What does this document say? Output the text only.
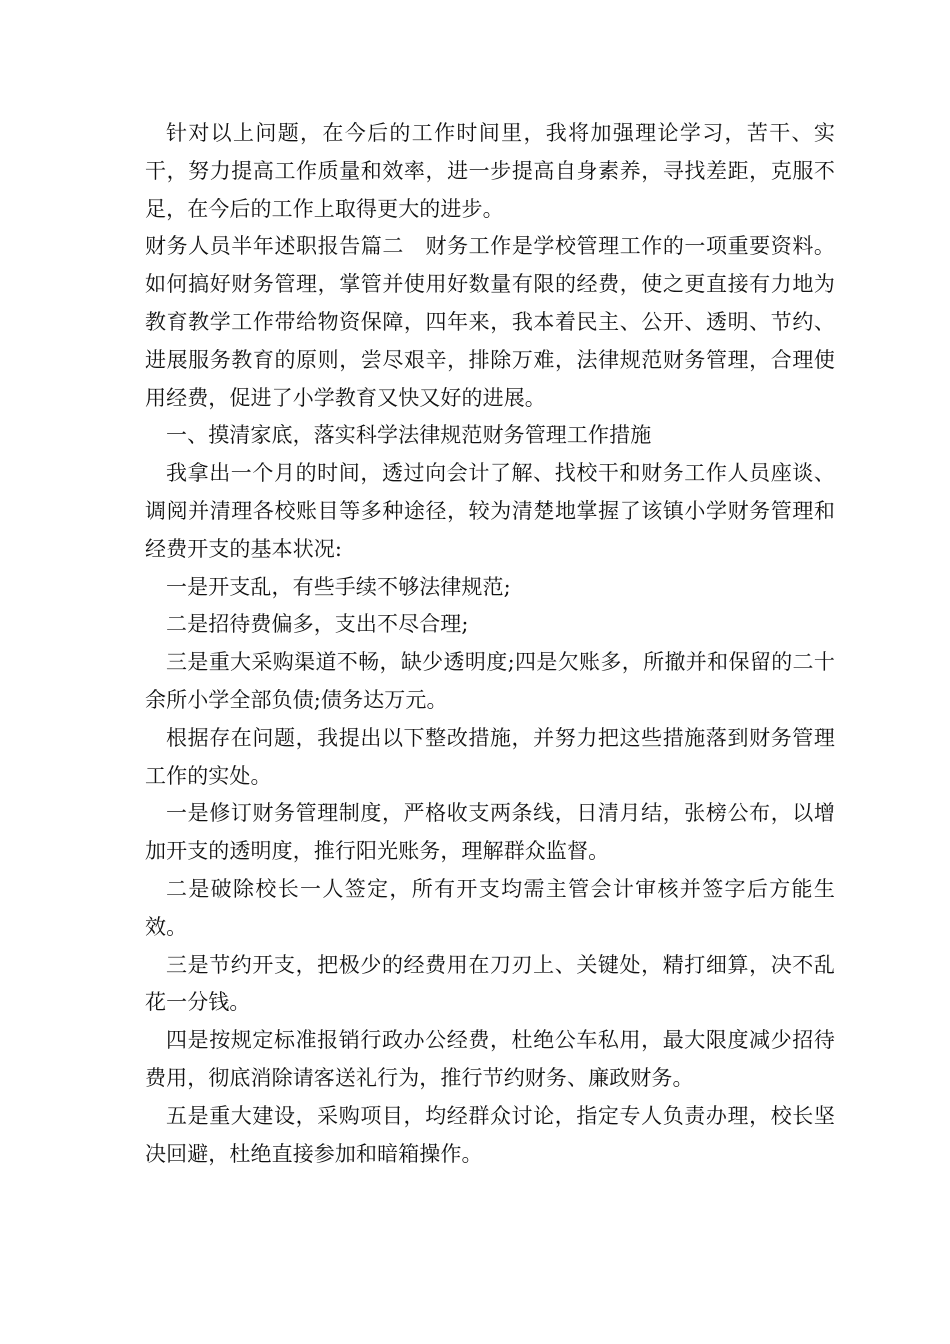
针对以上问题，在今后的工作时间里，我将加强理论学习，苦干、实干，努力提高工作质量和效率，进一步提高自身素养，寻找差距，克服不足，在今后的工作上取得更大的进步。

财务人员半年述职报告篇二　财务工作是学校管理工作的一项重要资料。如何搞好财务管理，掌管并使用好数量有限的经费，使之更直接有力地为教育教学工作带给物资保障，四年来，我本着民主、公开、透明、节约、进展服务教育的原则，尝尽艰辛，排除万难，法律规范财务管理，合理使用经费，促进了小学教育又快又好的进展。

一、摸清家底，落实科学法律规范财务管理工作措施

我拿出一个月的时间，透过向会计了解、找校干和财务工作人员座谈、调阅并清理各校账目等多种途径，较为清楚地掌握了该镇小学财务管理和经费开支的基本状况:

一是开支乱，有些手续不够法律规范;

二是招待费偏多，支出不尽合理;

三是重大采购渠道不畅，缺少透明度;四是欠账多，所撤并和保留的二十余所小学全部负债;债务达万元。

根据存在问题，我提出以下整改措施，并努力把这些措施落到财务管理工作的实处。

一是修订财务管理制度，严格收支两条线，日清月结，张榜公布，以增加开支的透明度，推行阳光账务，理解群众监督。

二是破除校长一人签定，所有开支均需主管会计审核并签字后方能生效。

三是节约开支，把极少的经费用在刀刃上、关键处，精打细算，决不乱花一分钱。

四是按规定标准报销行政办公经费，杜绝公车私用，最大限度减少招待费用，彻底消除请客送礼行为，推行节约财务、廉政财务。

五是重大建设，采购项目，均经群众讨论，指定专人负责办理，校长坚决回避，杜绝直接参加和暗箱操作。
